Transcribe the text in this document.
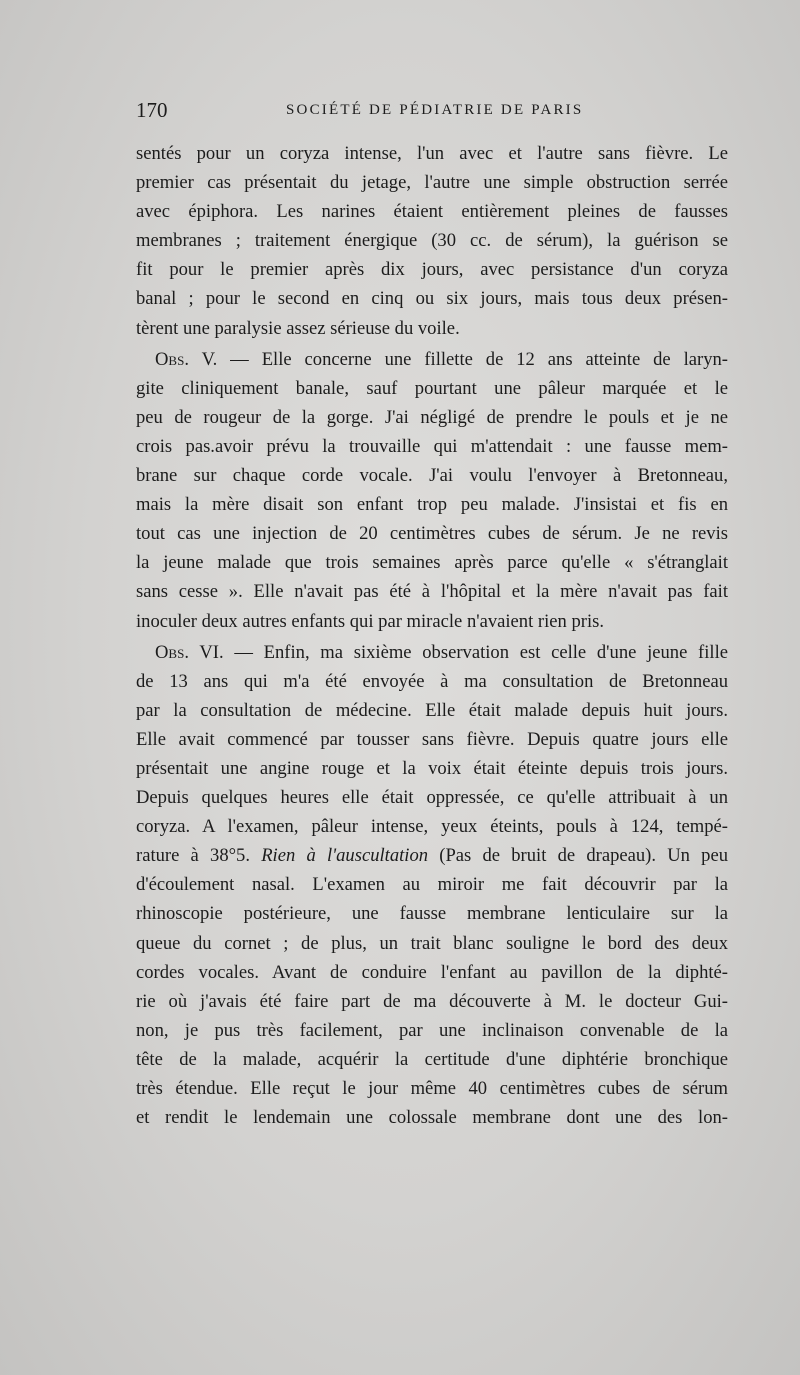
170	SOCIÉTÉ DE PÉDIATRIE DE PARIS
sentés pour un coryza intense, l'un avec et l'autre sans fièvre. Le
premier cas présentait du jetage, l'autre une simple obstruction serrée
avec épiphora. Les narines étaient entièrement pleines de fausses
membranes ; traitement énergique (30 cc. de sérum), la guérison se
fit pour le premier après dix jours, avec persistance d'un coryza
banal ; pour le second en cinq ou six jours, mais tous deux présen-
tèrent une paralysie assez sérieuse du voile.
Obs. V. — Elle concerne une fillette de 12 ans atteinte de laryn-
gite cliniquement banale, sauf pourtant une pâleur marquée et le
peu de rougeur de la gorge. J'ai négligé de prendre le pouls et je ne
crois pas.avoir prévu la trouvaille qui m'attendait : une fausse mem-
brane sur chaque corde vocale. J'ai voulu l'envoyer à Bretonneau,
mais la mère disait son enfant trop peu malade. J'insistai et fis en
tout cas une injection de 20 centimètres cubes de sérum. Je ne revis
la jeune malade que trois semaines après parce qu'elle « s'étranglait
sans cesse ». Elle n'avait pas été à l'hôpital et la mère n'avait pas fait
inoculer deux autres enfants qui par miracle n'avaient rien pris.
Obs. VI. — Enfin, ma sixième observation est celle d'une jeune fille
de 13 ans qui m'a été envoyée à ma consultation de Bretonneau
par la consultation de médecine. Elle était malade depuis huit jours.
Elle avait commencé par tousser sans fièvre. Depuis quatre jours elle
présentait une angine rouge et la voix était éteinte depuis trois jours.
Depuis quelques heures elle était oppressée, ce qu'elle attribuait à un
coryza. A l'examen, pâleur intense, yeux éteints, pouls à 124, tempé-
rature à 38°5. Rien à l'auscultation (Pas de bruit de drapeau). Un peu
d'écoulement nasal. L'examen au miroir me fait découvrir par la
rhinoscopie postérieure, une fausse membrane lenticulaire sur la
queue du cornet ; de plus, un trait blanc souligne le bord des deux
cordes vocales. Avant de conduire l'enfant au pavillon de la diphté-
rie où j'avais été faire part de ma découverte à M. le docteur Gui-
non, je pus très facilement, par une inclinaison convenable de la
tête de la malade, acquérir la certitude d'une diphtérie bronchique
très étendue. Elle reçut le jour même 40 centimètres cubes de sérum
et rendit le lendemain une colossale membrane dont une des lon-
